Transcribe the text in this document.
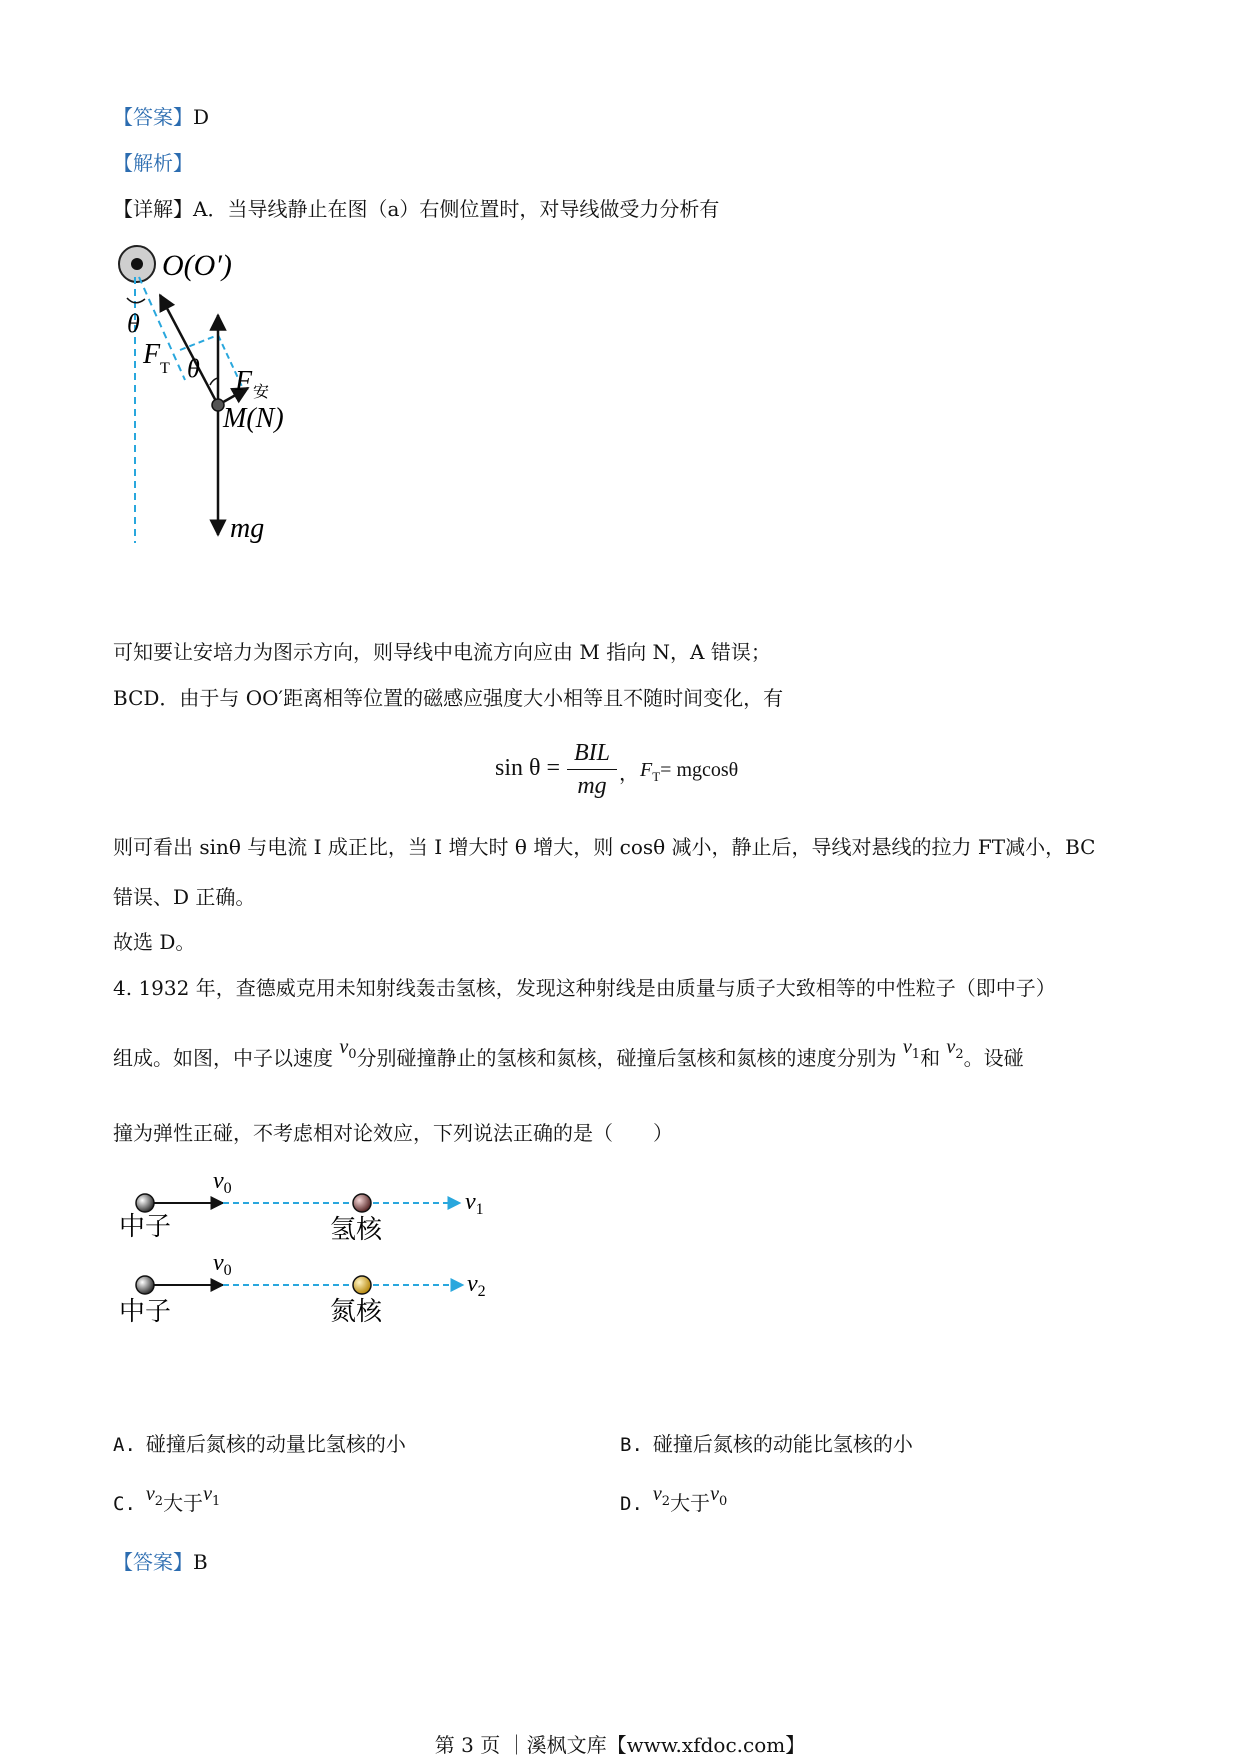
【答案】D
【解析】
【详解】A．当导线静止在图（a）右侧位置时，对导线做受力分析有
O(O′)
θ
θ
F T F 安
M(N)
mg
可知要让安培力为图示方向，则导线中电流方向应由 M 指向 N，A 错误；
BCD．由于与 OO′距离相等位置的磁感应强度大小相等且不随时间变化，有
sin θ =
BIL
mg ， $F_T= mgcos\theta$
则可看出 sinθ 与电流 I 成正比，当 I 增大时 θ 增大，则 cosθ 减小，静止后，导线对悬线的拉力 FT减小，BC
错误、D 正确。
故选 D。
4. 1932 年，查德威克用未知射线轰击氢核，发现这种射线是由质量与质子大致相等的中性粒子（即中子）
组成。如图，中子以速度 $v_0$分别碰撞静止的氢核和氮核，碰撞后氢核和氮核的速度分别为 $v_1$和 $v_2$。设碰
撞为弹性正碰，不考虑相对论效应，下列说法正确的是（　　）
$v_0$
$v_1$
中子	氢核
$v_0$
$v_2$
中子	氮核
A. 碰撞后氮核的动量比氢核的小	B. 碰撞后氮核的动能比氢核的小
C. $v_2$大于$v_1$	D. $v_2$大于$v_0$
【答案】B
第 3 页 ｜溪枫文库【www.xfdoc.com】
